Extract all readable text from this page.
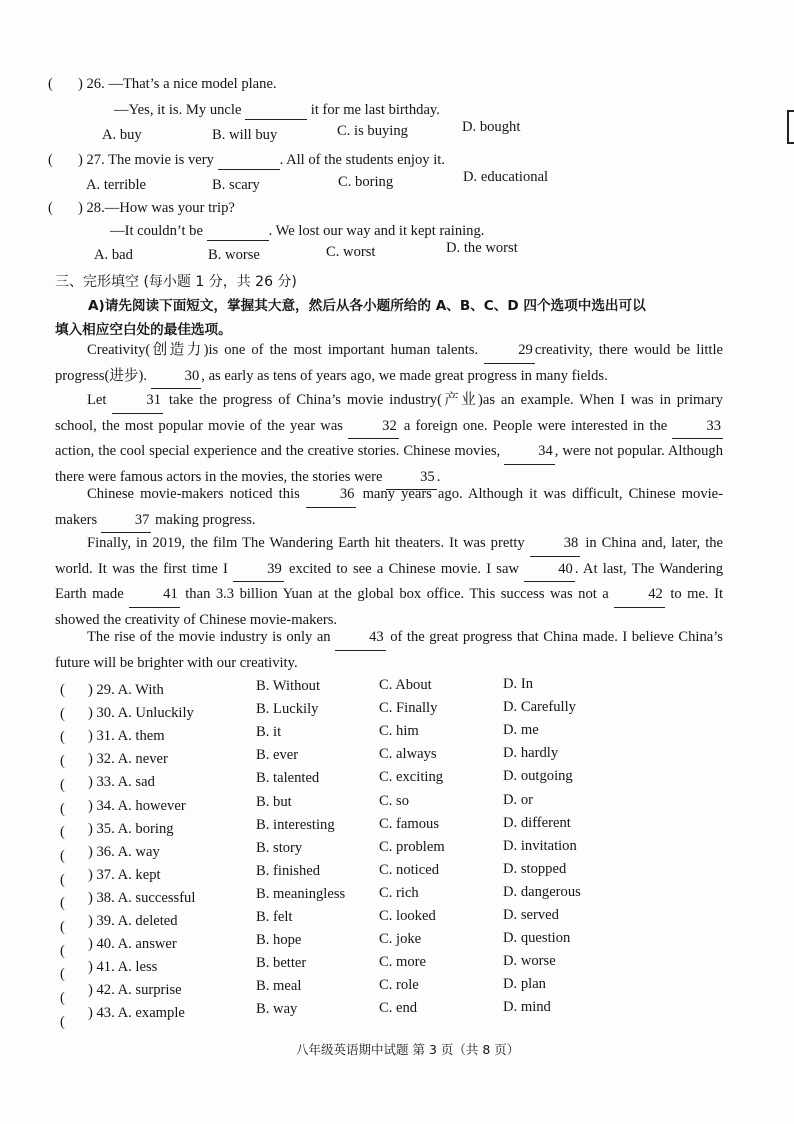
( ) 26. —That’s a nice model plane.
—Yes, it is. My uncle	it for me last birthday.
A. buy	B. will buy	C. is buying	D. bought
( ) 27. The movie is very	. All of the students enjoy it.
A. terrible	B. scary	C. boring	D. educational
( ) 28.—How was your trip?
—It couldn’t be	. We lost our way and it kept raining.
A. bad	B. worse	C. worst	D. the worst
三、完形填空 (每小题 1 分，共 26 分)
A)请先阅读下面短文，掌握其大意，然后从各小题所给的 A、B、C、D 四个选项中选出可以
填入相应空白处的最佳选项。
Creativity(创造力)is one of the most important human talents.	29 creativity, there would be little progress(进步).	30 , as early as tens of years ago, we made great progress in many fields.
Let	31 take the progress of China’s movie industry(产业)as an example. When I was in primary school, the most popular movie of the year was	32 a foreign one. People were interested in the	33 action, the cool special experience and the creative stories. Chinese movies,	34 , were not popular. Although there were famous actors in the movies, the stories were	35 .
Chinese movie-makers noticed this	36 many years ago. Although it was difficult, Chinese movie-makers	37 making progress.
Finally, in 2019, the film The Wandering Earth hit theaters. It was pretty	38 in China and, later, the world. It was the first time I	39 excited to see a Chinese movie. I saw	40 . At last, The Wandering Earth made	41 than 3.3 billion Yuan at the global box office. This success was not a	42 to me. It showed the creativity of Chinese movie-makers.
The rise of the movie industry is only an	43 of the great progress that China made. I believe China’s future will be brighter with our creativity.
( ) 29. A. With	B. Without	C. About	D. In
( ) 30. A. Unluckily	B. Luckily	C. Finally	D. Carefully
( ) 31. A. them	B. it	C. him	D. me
( ) 32. A. never	B. ever	C. always	D. hardly
( ) 33. A. sad	B. talented	C. exciting	D. outgoing
( ) 34. A. however	B. but	C. so	D. or
( ) 35. A. boring	B. interesting	C. famous	D. different
( ) 36. A. way	B. story	C. problem	D. invitation
( ) 37. A. kept	B. finished	C. noticed	D. stopped
( ) 38. A. successful	B. meaningless C. rich	D. dangerous
( ) 39. A. deleted	B. felt	C. looked	D. served
( ) 40. A. answer	B. hope	C. joke	D. question
( ) 41. A. less	B. better	C. more	D. worse
( ) 42. A. surprise	B. meal	C. role	D. plan
(
) 43. A. example	B. way	C. end	D. mind
八年级英语期中试题 第 3 页（共 8 页）
